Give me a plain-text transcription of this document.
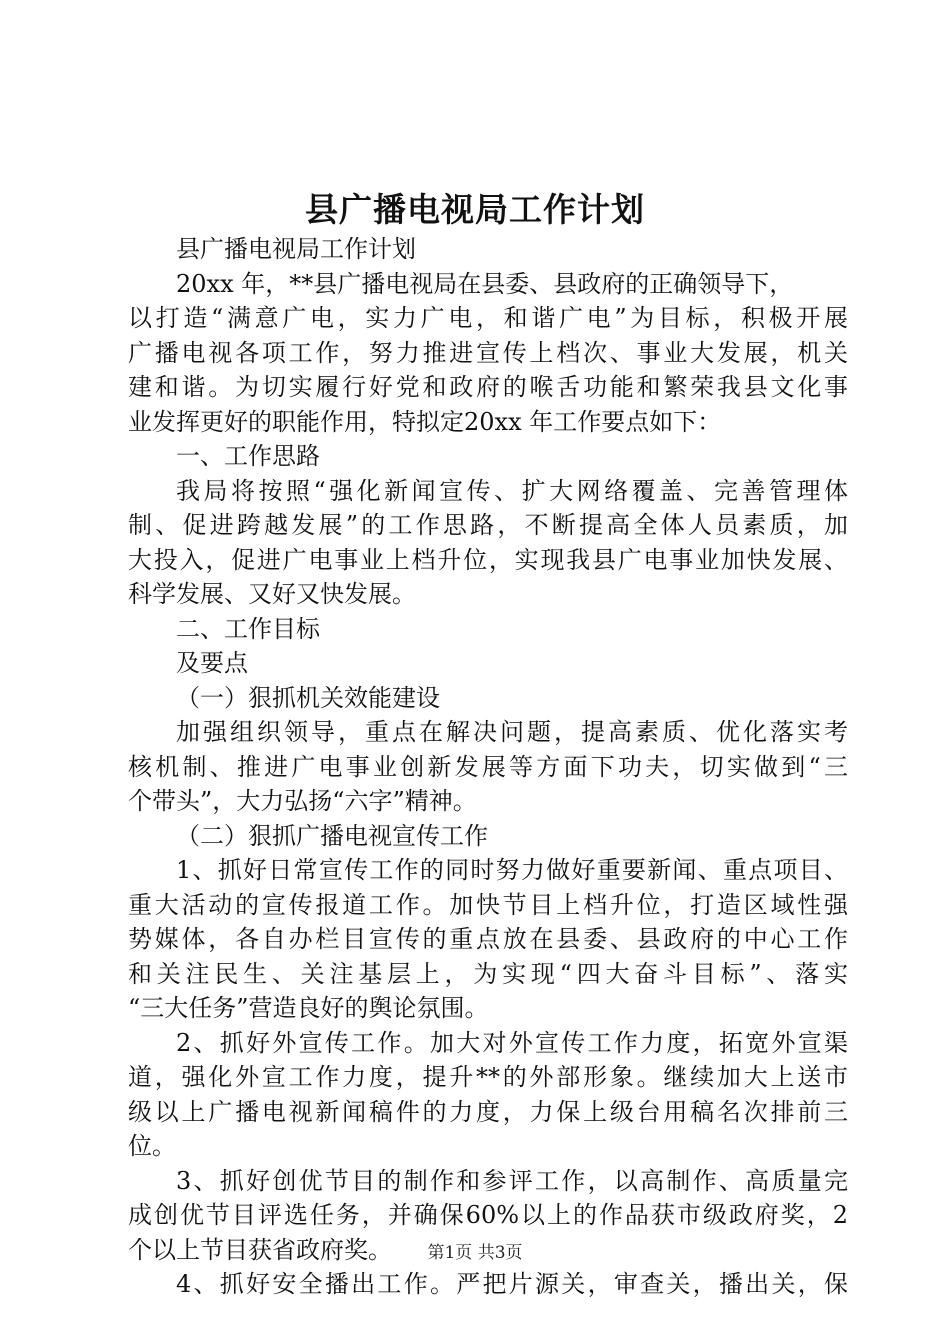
县广播电视局工作计划
县广播电视局工作计划
20xx 年，**县广播电视局在县委、县政府的正确领导下，
以打造“满意广电，实力广电，和谐广电”为目标，积极开展
广播电视各项工作，努力推进宣传上档次、事业大发展，机关
建和谐。为切实履行好党和政府的喉舌功能和繁荣我县文化事
业发挥更好的职能作用，特拟定20xx 年工作要点如下：
一、工作思路
我局将按照“强化新闻宣传、扩大网络覆盖、完善管理体
制、促进跨越发展”的工作思路，不断提高全体人员素质，加
大投入，促进广电事业上档升位，实现我县广电事业加快发展、
科学发展、又好又快发展。
二、工作目标
及要点
（一）狠抓机关效能建设
加强组织领导，重点在解决问题，提高素质、优化落实考
核机制、推进广电事业创新发展等方面下功夫，切实做到“三
个带头”，大力弘扬“六字”精神。
（二）狠抓广播电视宣传工作
1、抓好日常宣传工作的同时努力做好重要新闻、重点项目、
重大活动的宣传报道工作。加快节目上档升位，打造区域性强
势媒体，各自办栏目宣传的重点放在县委、县政府的中心工作
和关注民生、关注基层上，为实现“四大奋斗目标”、落实
“三大任务”营造良好的舆论氛围。
2、抓好外宣传工作。加大对外宣传工作力度，拓宽外宣渠
道，强化外宣工作力度，提升**的外部形象。继续加大上送市
级以上广播电视新闻稿件的力度，力保上级台用稿名次排前三
位。
3、抓好创优节目的制作和参评工作，以高制作、高质量完
成创优节目评选任务，并确保60%以上的作品获市级政府奖，2
个以上节目获省政府奖。
4、抓好安全播出工作。严把片源关，审查关，播出关，保
第1页 共3页
